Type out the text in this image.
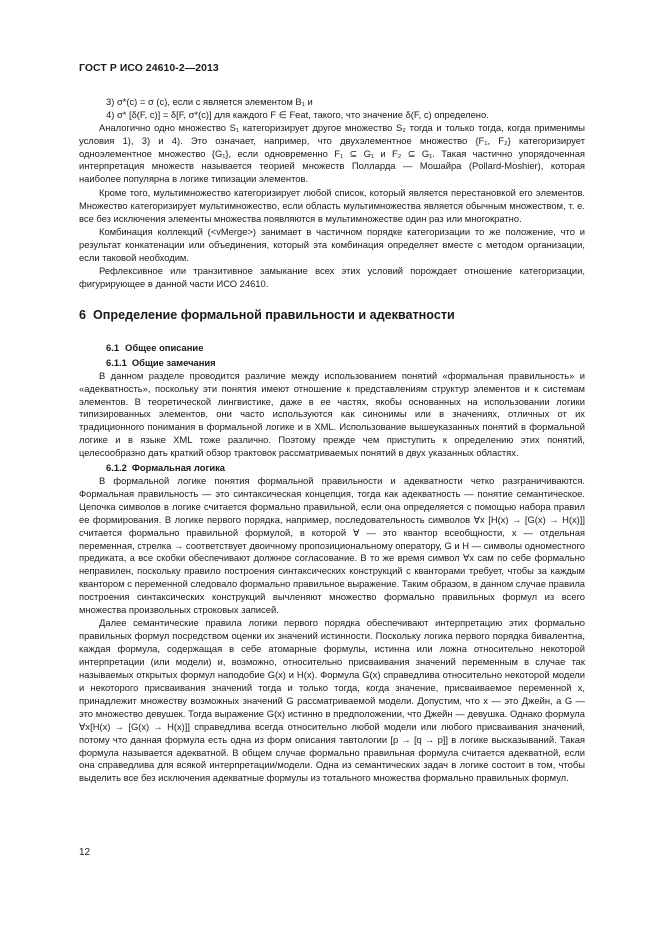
ГОСТ Р ИСО 24610-2—2013
3) σ*(c) = σ (c), если c является элементом B₁ и
4) σ* [δ(F, c)] = δ[F, σ*(c)] для каждого F ∈ Feat, такого, что значение δ(F, c) определено.
Аналогично одно множество S₁ категоризирует другое множество S₂ тогда и только тогда, когда применимы условия 1), 3) и 4). Это означает, например, что двухэлементное множество {F₁, F₂} категоризирует одноэлементное множество {G₁}, если одновременно F₁ ⊆ G₁ и F₂ ⊆ G₁. Такая частично упорядоченная интерпретация множеств называется теорией множеств Полларда — Мошайра (Pollard-Moshier), которая наиболее популярна в логике типизации элементов.
Кроме того, мультимножество категоризирует любой список, который является перестановкой его элементов. Множество категоризирует мультимножество, если область мультимножества является обычным множеством, т. е. все без исключения элементы множества появляются в мультимножестве один раз или многократно.
Комбинация коллекций (<vMerge>) занимает в частичном порядке категоризации то же положение, что и результат конкатенации или объединения, который эта комбинация определяет вместе с методом организации, если таковой необходим.
Рефлексивное или транзитивное замыкание всех этих условий порождает отношение категоризации, фигурирующее в данной части ИСО 24610.
6 Определение формальной правильности и адекватности
6.1 Общее описание
6.1.1 Общие замечания
В данном разделе проводится различие между использованием понятий «формальная правильность» и «адекватность», поскольку эти понятия имеют отношение к представлениям структур элементов и к системам элементов. В теоретической лингвистике, даже в ее частях, якобы основанных на использовании логики типизированных элементов, они часто используются как синонимы или в значениях, отличных от их традиционного понимания в формальной логике и в XML. Использование вышеуказанных понятий в формальной логике и в языке XML тоже различно. Поэтому прежде чем приступить к определению этих понятий, целесообразно дать краткий обзор трактовок рассматриваемых понятий в двух указанных областях.
6.1.2 Формальная логика
В формальной логике понятия формальной правильности и адекватности четко разграничиваются. Формальная правильность — это синтаксическая концепция, тогда как адекватность — понятие семантическое. Цепочка символов в логике считается формально правильной, если она определяется с помощью набора правил ее формирования. В логике первого порядка, например, последовательность символов ∀x [H(x) → [G(x) → H(x)]] считается формально правильной формулой, в которой ∀ — это квантор всеобщности, x — отдельная переменная, стрелка → соответствует двоичному пропозициональному оператору, G и H — символы одноместного предиката, а все скобки обеспечивают должное согласование. В то же время символ ∀x сам по себе формально неправилен, поскольку правило построения синтаксических конструкций с кванторами требует, чтобы за каждым квантором с переменной следовало формально правильное выражение. Таким образом, в данном случае правила построения синтаксических конструкций вычленяют множество формально правильных формул из всего множества произвольных строковых записей.
Далее семантические правила логики первого порядка обеспечивают интерпретацию этих формально правильных формул посредством оценки их значений истинности. Поскольку логика первого порядка бивалентна, каждая формула, содержащая в себе атомарные формулы, истинна или ложна относительно некоторой интерпретации (или модели) и, возможно, относительно присваивания значений переменным в случае так называемых открытых формул наподобие G(x) и H(x). Формула G(x) справедлива относительно некоторой модели и некоторого присваивания значений тогда и только тогда, когда значение, присваиваемое переменной x, принадлежит множеству возможных значений G рассматриваемой модели. Допустим, что x — это Джейн, а G — это множество девушек. Тогда выражение G(x) истинно в предположении, что Джейн — девушка. Однако формула ∀x[H(x) → [G(x) → H(x)]] справедлива всегда относительно любой модели или любого присваивания значений, потому что данная формула есть одна из форм описания тавтологии [p → [q → p]] в логике высказываний. Такая формула называется адекватной. В общем случае формально правильная формула считается адекватной, если она справедлива для всякой интерпретации/модели. Одна из семантических задач в логике состоит в том, чтобы выделить все без исключения адекватные формулы из тотального множества формально правильных формул.
12
